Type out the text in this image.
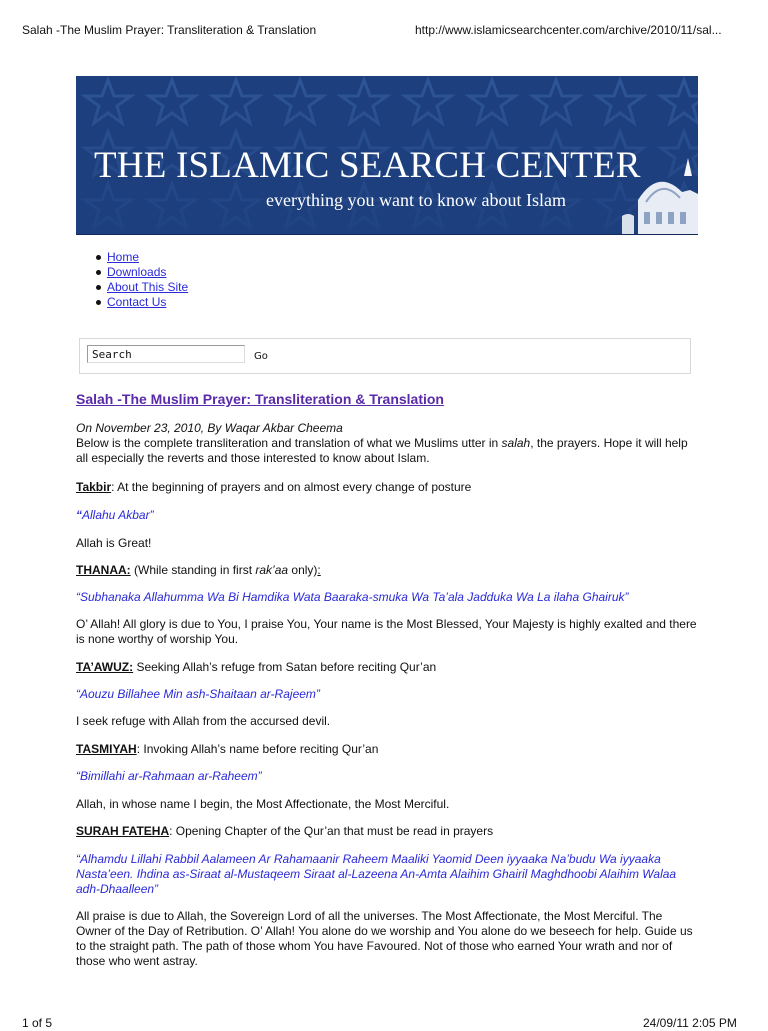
Salah -The Muslim Prayer: Transliteration & Translation	http://www.islamicsearchcenter.com/archive/2010/11/sal...
THE ISLAMIC SEARCH CENTER
everything you want to know about Islam
Home
Downloads
About This Site
Contact Us
Search
Go
Salah -The Muslim Prayer: Transliteration & Translation

On November 23, 2010, By Waqar Akbar Cheema

Below is the complete transliteration and translation of what we Muslims utter in salah, the prayers. Hope it will help all especially the reverts and those interested to know about Islam.

Takbir: At the beginning of prayers and on almost every change of posture

“Allahu Akbar”

Allah is Great!

THANAA: (While standing in first rak’aa only):

“Subhanaka Allahumma Wa Bi Hamdika Wata Baaraka-smuka Wa Ta’ala Jadduka Wa La ilaha Ghairuk”

O’ Allah! All glory is due to You, I praise You, Your name is the Most Blessed, Your Majesty is highly exalted and there is none worthy of worship You.

TA’AWUZ: Seeking Allah’s refuge from Satan before reciting Qur’an

“Aouzu Billahee Min ash-Shaitaan ar-Rajeem”

I seek refuge with Allah from the accursed devil.

TASMIYAH: Invoking Allah’s name before reciting Qur’an

“Bimillahi ar-Rahmaan ar-Raheem”

Allah, in whose name I begin, the Most Affectionate, the Most Merciful.

SURAH FATEHA: Opening Chapter of the Qur’an that must be read in prayers

“Alhamdu Lillahi Rabbil Aalameen Ar Rahamaanir Raheem Maaliki Yaomid Deen iyyaaka Na’budu Wa iyyaaka Nasta’een. Ihdina as-Siraat al-Mustaqeem Siraat al-Lazeena An-Amta Alaihim Ghairil Maghdhoobi Alaihim Walaa adh-Dhaalleen”

All praise is due to Allah, the Sovereign Lord of all the universes. The Most Affectionate, the Most Merciful. The Owner of the Day of Retribution. O’ Allah! You alone do we worship and You alone do we beseech for help. Guide us to the straight path. The path of those whom You have Favoured. Not of those who earned Your wrath and nor of those who went astray.

1 of 5	24/09/11 2:05 PM
